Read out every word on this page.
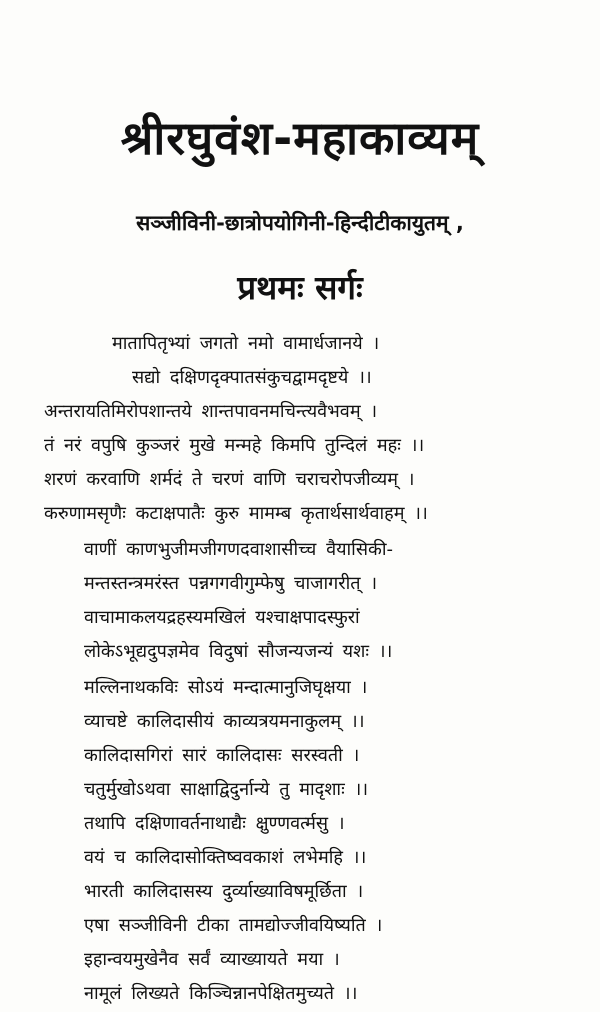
श्रीरघुवंश-महाकाव्यम्
सञ्जीविनी-छात्रोपयोगिनी-हिन्दीटीकायुतम् ,
प्रथमः सर्गः
मातापितृभ्यां जगतो नमो वामार्धजानये ।
सद्यो दक्षिणदृक्पातसंकुचद्वामदृष्टये ।।
अन्तरायतिमिरोपशान्तये शान्तपावनमचिन्त्यवैभवम् ।
तं नरं वपुषि कुञ्जरं मुखे मन्महे किमपि तुन्दिलं महः ।।
शरणं करवाणि शर्मदं ते चरणं वाणि चराचरोपजीव्यम् ।
करुणामसृणैः कटाक्षपातैः कुरु मामम्ब कृतार्थसार्थवाहम् ।।
वाणीं काणभुजीमजीगणदवाशासीच्च वैयासिकी-
मन्तस्तन्त्रमरंस्त पन्नगगवीगुम्फेषु चाजागरीत् ।
वाचामाकलयद्रहस्यमखिलं यश्चाक्षपादस्फुरां
लोकेऽभूद्यदुपज्ञमेव विदुषां सौजन्यजन्यं यशः ।।
मल्लिनाथकविः सोऽयं मन्दात्मानुजिघृक्षया ।
व्याचष्टे कालिदासीयं काव्यत्रयमनाकुलम् ।।
कालिदासगिरां सारं कालिदासः सरस्वती ।
चतुर्मुखोऽथवा साक्षाद्विदुर्नान्ये तु मादृशाः ।।
तथापि दक्षिणावर्तनाथाद्यैः क्षुण्णवर्त्मसु ।
वयं च कालिदासोक्तिष्ववकाशं लभेमहि ।।
भारती कालिदासस्य दुर्व्याख्याविषमूर्छिता ।
एषा सञ्जीविनी टीका तामद्योज्जीवयिष्यति ।
इहान्वयमुखेनैव सर्वं व्याख्यायते मया ।
नामूलं लिख्यते किञ्चिन्नानपेक्षितमुच्यते ।।
